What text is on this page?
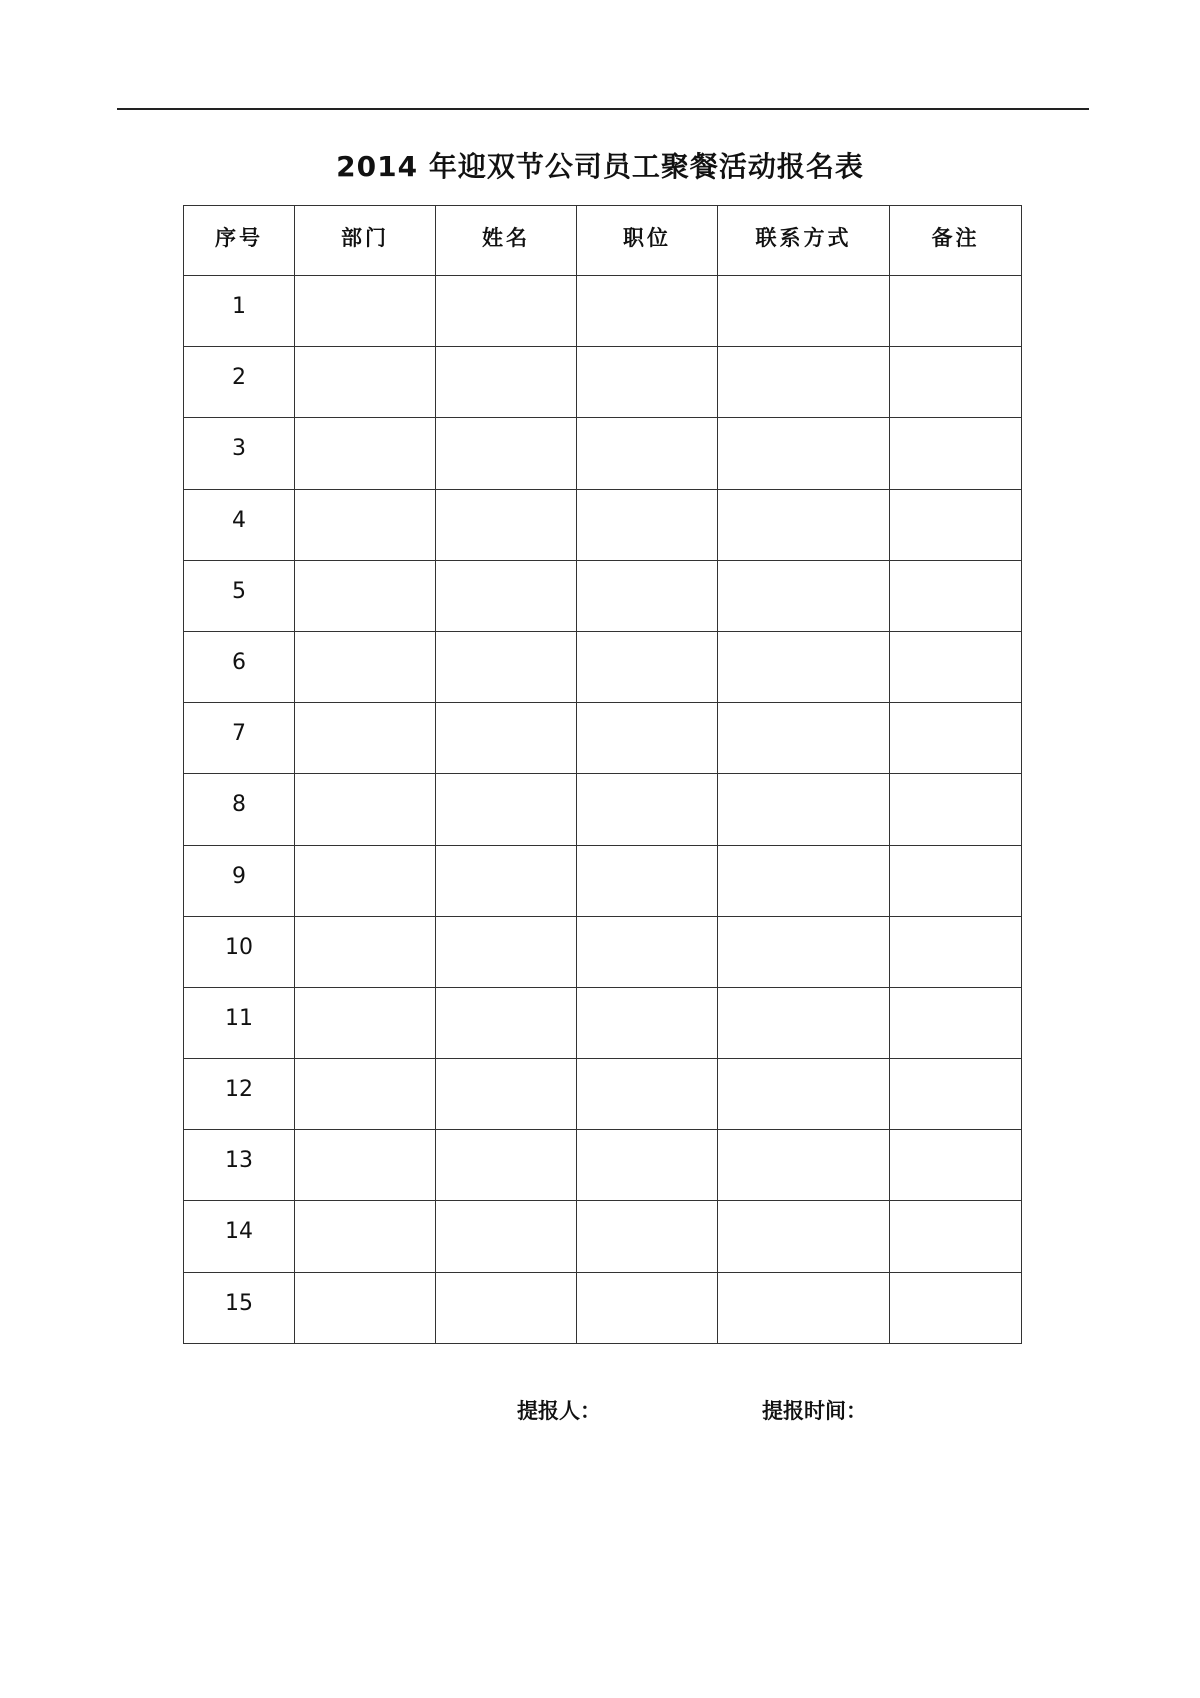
2014 年迎双节公司员工聚餐活动报名表
序号	部门	姓名	职位	联系方式	备注
1					
2					
3					
4					
5					
6					
7					
8					
9					
10					
11					
12					
13					
14					
15					
提报人：	提报时间：
